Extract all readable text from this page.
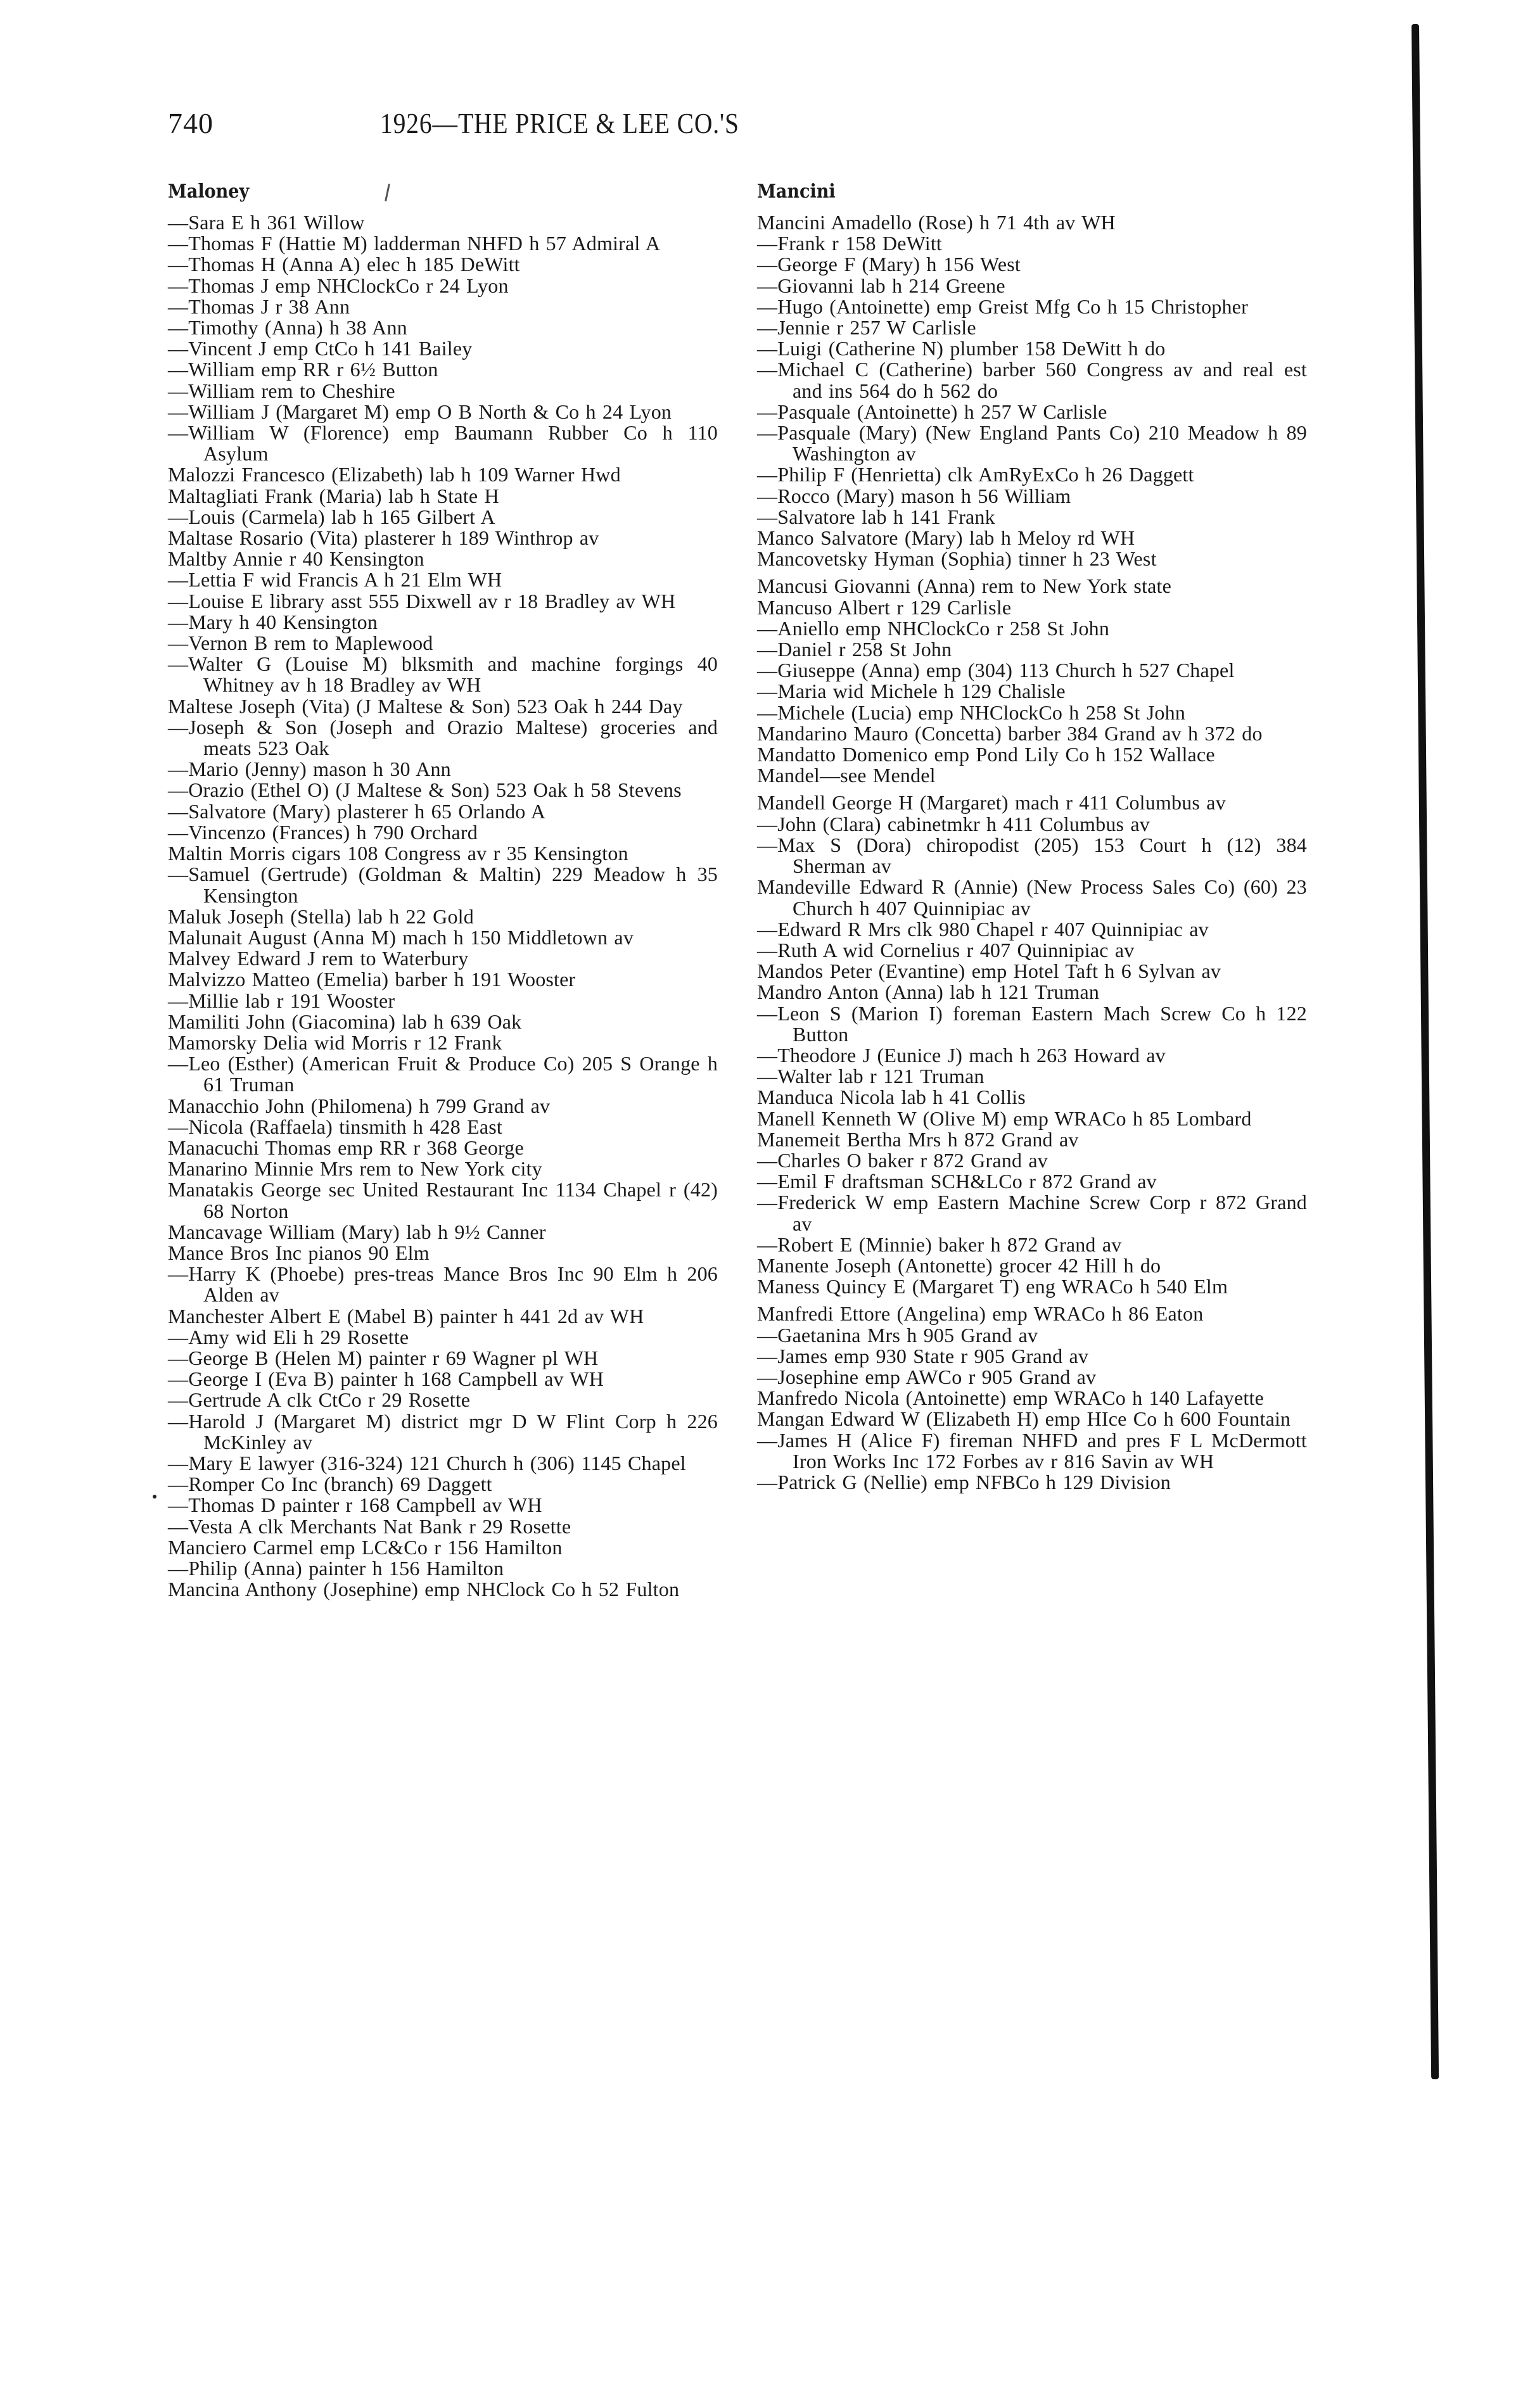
740	1926—THE PRICE & LEE CO.'S
Maloney
—Sara E h 361 Willow
—Thomas F (Hattie M) ladderman NHFD h 57 Admiral A
—Thomas H (Anna A) elec h 185 DeWitt
—Thomas J emp NHClockCo r 24 Lyon
—Thomas J r 38 Ann
—Timothy (Anna) h 38 Ann
—Vincent J emp CtCo h 141 Bailey
—William emp RR r 6½ Button
—William rem to Cheshire
—William J (Margaret M) emp O B North & Co h 24 Lyon
—William W (Florence) emp Baumann Rubber Co h 110 Asylum
Malozzi Francesco (Elizabeth) lab h 109 Warner Hwd
Maltagliati Frank (Maria) lab h State H
—Louis (Carmela) lab h 165 Gilbert A
Maltase Rosario (Vita) plasterer h 189 Winthrop av
Maltby Annie r 40 Kensington
—Lettia F wid Francis A h 21 Elm WH
—Louise E library asst 555 Dixwell av r 18 Bradley av WH
—Mary h 40 Kensington
—Vernon B rem to Maplewood
—Walter G (Louise M) blksmith and machine forgings 40 Whitney av h 18 Bradley av WH
Maltese Joseph (Vita) (J Maltese & Son) 523 Oak h 244 Day
—Joseph & Son (Joseph and Orazio Maltese) groceries and meats 523 Oak
—Mario (Jenny) mason h 30 Ann
—Orazio (Ethel O) (J Maltese & Son) 523 Oak h 58 Stevens
—Salvatore (Mary) plasterer h 65 Orlando A
—Vincenzo (Frances) h 790 Orchard
Maltin Morris cigars 108 Congress av r 35 Kensington
—Samuel (Gertrude) (Goldman & Maltin) 229 Meadow h 35 Kensington
Maluk Joseph (Stella) lab h 22 Gold
Malunait August (Anna M) mach h 150 Middletown av
Malvey Edward J rem to Waterbury
Malvizzo Matteo (Emelia) barber h 191 Wooster
—Millie lab r 191 Wooster
Mamiliti John (Giacomina) lab h 639 Oak
Mamorsky Delia wid Morris r 12 Frank
—Leo (Esther) (American Fruit & Produce Co) 205 S Orange h 61 Truman
Manacchio John (Philomena) h 799 Grand av
—Nicola (Raffaela) tinsmith h 428 East
Manacuchi Thomas emp RR r 368 George
Manarino Minnie Mrs rem to New York city
Manatakis George sec United Restaurant Inc 1134 Chapel r (42) 68 Norton
Mancavage William (Mary) lab h 9½ Canner
Mance Bros Inc pianos 90 Elm
—Harry K (Phoebe) pres-treas Mance Bros Inc 90 Elm h 206 Alden av
Manchester Albert E (Mabel B) painter h 441 2d av WH
—Amy wid Eli h 29 Rosette
—George B (Helen M) painter r 69 Wagner pl WH
—George I (Eva B) painter h 168 Campbell av WH
—Gertrude A clk CtCo r 29 Rosette
—Harold J (Margaret M) district mgr D W Flint Corp h 226 McKinley av
—Mary E lawyer (316-324) 121 Church h (306) 1145 Chapel
—Romper Co Inc (branch) 69 Daggett
—Thomas D painter r 168 Campbell av WH
—Vesta A clk Merchants Nat Bank r 29 Rosette
Manciero Carmel emp LC&Co r 156 Hamilton
—Philip (Anna) painter h 156 Hamilton
Mancina Anthony (Josephine) emp NHClock Co h 52 Fulton
Mancini
Mancini Amadello (Rose) h 71 4th av WH
—Frank r 158 DeWitt
—George F (Mary) h 156 West
—Giovanni lab h 214 Greene
—Hugo (Antoinette) emp Greist Mfg Co h 15 Christopher
—Jennie r 257 W Carlisle
—Luigi (Catherine N) plumber 158 DeWitt h do
—Michael C (Catherine) barber 560 Congress av and real est and ins 564 do h 562 do
—Pasquale (Antoinette) h 257 W Carlisle
—Pasquale (Mary) (New England Pants Co) 210 Meadow h 89 Washington av
—Philip F (Henrietta) clk AmRyExCo h 26 Daggett
—Rocco (Mary) mason h 56 William
—Salvatore lab h 141 Frank
Manco Salvatore (Mary) lab h Meloy rd WH
Mancovetsky Hyman (Sophia) tinner h 23 West
Mancusi Giovanni (Anna) rem to New York state
Mancuso Albert r 129 Carlisle
—Aniello emp NHClockCo r 258 St John
—Daniel r 258 St John
—Giuseppe (Anna) emp (304) 113 Church h 527 Chapel
—Maria wid Michele h 129 Chalisle
—Michele (Lucia) emp NHClockCo h 258 St John
Mandarino Mauro (Concetta) barber 384 Grand av h 372 do
Mandatto Domenico emp Pond Lily Co h 152 Wallace
Mandel—see Mendel
Mandell George H (Margaret) mach r 411 Columbus av
—John (Clara) cabinetmkr h 411 Columbus av
—Max S (Dora) chiropodist (205) 153 Court h (12) 384 Sherman av
Mandeville Edward R (Annie) (New Process Sales Co) (60) 23 Church h 407 Quinnipiac av
—Edward R Mrs clk 980 Chapel r 407 Quinnipiac av
—Ruth A wid Cornelius r 407 Quinnipiac av
Mandos Peter (Evantine) emp Hotel Taft h 6 Sylvan av
Mandro Anton (Anna) lab h 121 Truman
—Leon S (Marion I) foreman Eastern Mach Screw Co h 122 Button
—Theodore J (Eunice J) mach h 263 Howard av
—Walter lab r 121 Truman
Manduca Nicola lab h 41 Collis
Manell Kenneth W (Olive M) emp WRACo h 85 Lombard
Manemeit Bertha Mrs h 872 Grand av
—Charles O baker r 872 Grand av
—Emil F draftsman SCH&LCo r 872 Grand av
—Frederick W emp Eastern Machine Screw Corp r 872 Grand av
—Robert E (Minnie) baker h 872 Grand av
Manente Joseph (Antonette) grocer 42 Hill h do
Maness Quincy E (Margaret T) eng WRACo h 540 Elm
Manfredi Ettore (Angelina) emp WRACo h 86 Eaton
—Gaetanina Mrs h 905 Grand av
—James emp 930 State r 905 Grand av
—Josephine emp AWCo r 905 Grand av
Manfredo Nicola (Antoinette) emp WRACo h 140 Lafayette
Mangan Edward W (Elizabeth H) emp HIce Co h 600 Fountain
—James H (Alice F) fireman NHFD and pres F L McDermott Iron Works Inc 172 Forbes av r 816 Savin av WH
—Patrick G (Nellie) emp NFBCo h 129 Division
